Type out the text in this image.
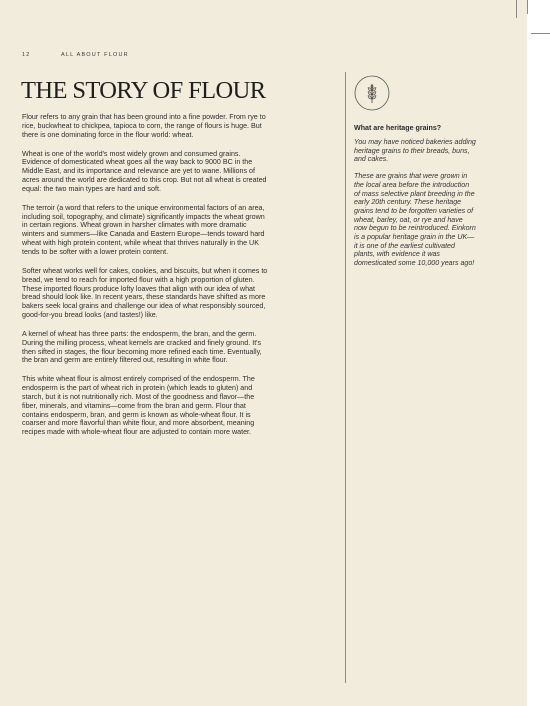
12	ALL ABOUT FLOUR
THE STORY OF FLOUR

Flour refers to any grain that has been ground into a fine powder. From rye to rice, buckwheat to chickpea, tapioca to corn, the range of flours is huge. But there is one dominating force in the flour world: wheat.

Wheat is one of the world's most widely grown and consumed grains. Evidence of domesticated wheat goes all the way back to 9000 BC in the Middle East, and its importance and relevance are yet to wane. Millions of acres around the world are dedicated to this crop. But not all wheat is created equal: the two main types are hard and soft.

The terroir (a word that refers to the unique environmental factors of an area, including soil, topography, and climate) significantly impacts the wheat grown in certain regions. Wheat grown in harsher climates with more dramatic winters and summers—like Canada and Eastern Europe—tends toward hard wheat with high protein content, while wheat that thrives naturally in the UK tends to be softer with a lower protein content.

Softer wheat works well for cakes, cookies, and biscuits, but when it comes to bread, we tend to reach for imported flour with a high proportion of gluten. These imported flours produce lofty loaves that align with our idea of what bread should look like. In recent years, these standards have shifted as more bakers seek local grains and challenge our idea of what responsibly sourced, good-for-you bread looks (and tastes!) like.

A kernel of wheat has three parts: the endosperm, the bran, and the germ. During the milling process, wheat kernels are cracked and finely ground. It's then sifted in stages, the flour becoming more refined each time. Eventually, the bran and germ are entirely filtered out, resulting in white flour.

This white wheat flour is almost entirely comprised of the endosperm. The endosperm is the part of wheat rich in protein (which leads to gluten) and starch, but it is not nutritionally rich. Most of the goodness and flavor—the fiber, minerals, and vitamins—come from the bran and germ. Flour that contains endosperm, bran, and germ is known as whole-wheat flour. It is coarser and more flavorful than white flour, and more absorbent, meaning recipes made with whole-wheat flour are adjusted to contain more water.

What are heritage grains?

You may have noticed bakeries adding heritage grains to their breads, buns, and cakes.

These are grains that were grown in the local area before the introduction of mass selective plant breeding in the early 20th century. These heritage grains tend to be forgotten varieties of wheat, barley, oat, or rye and have now begun to be reintroduced. Einkorn is a popular heritage grain in the UK—it is one of the earliest cultivated plants, with evidence it was domesticated some 10,000 years ago!
